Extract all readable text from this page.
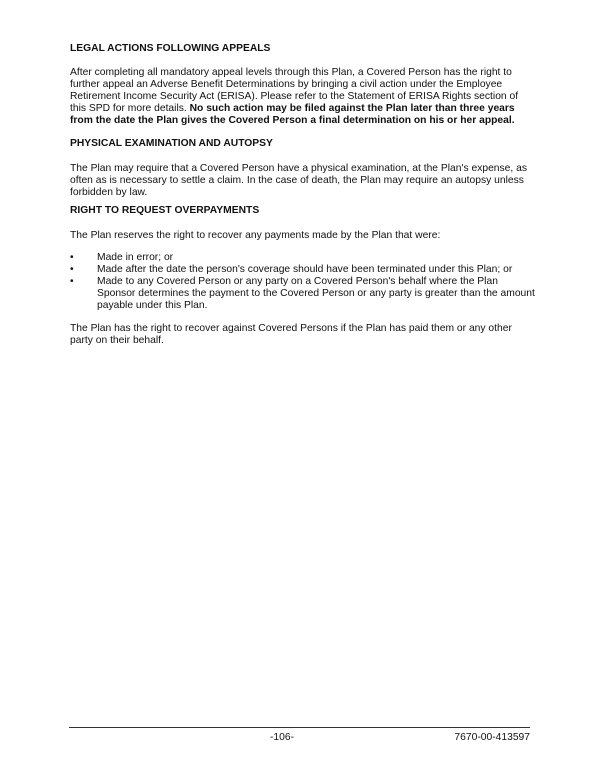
LEGAL ACTIONS FOLLOWING APPEALS

After completing all mandatory appeal levels through this Plan, a Covered Person has the right to further appeal an Adverse Benefit Determinations by bringing a civil action under the Employee Retirement Income Security Act (ERISA). Please refer to the Statement of ERISA Rights section of this SPD for more details. No such action may be filed against the Plan later than three years from the date the Plan gives the Covered Person a final determination on his or her appeal.

PHYSICAL EXAMINATION AND AUTOPSY

The Plan may require that a Covered Person have a physical examination, at the Plan's expense, as often as is necessary to settle a claim. In the case of death, the Plan may require an autopsy unless forbidden by law.

RIGHT TO REQUEST OVERPAYMENTS

The Plan reserves the right to recover any payments made by the Plan that were:

• Made in error; or
• Made after the date the person's coverage should have been terminated under this Plan; or
• Made to any Covered Person or any party on a Covered Person's behalf where the Plan Sponsor determines the payment to the Covered Person or any party is greater than the amount payable under this Plan.

The Plan has the right to recover against Covered Persons if the Plan has paid them or any other party on their behalf.

-106-	7670-00-413597
